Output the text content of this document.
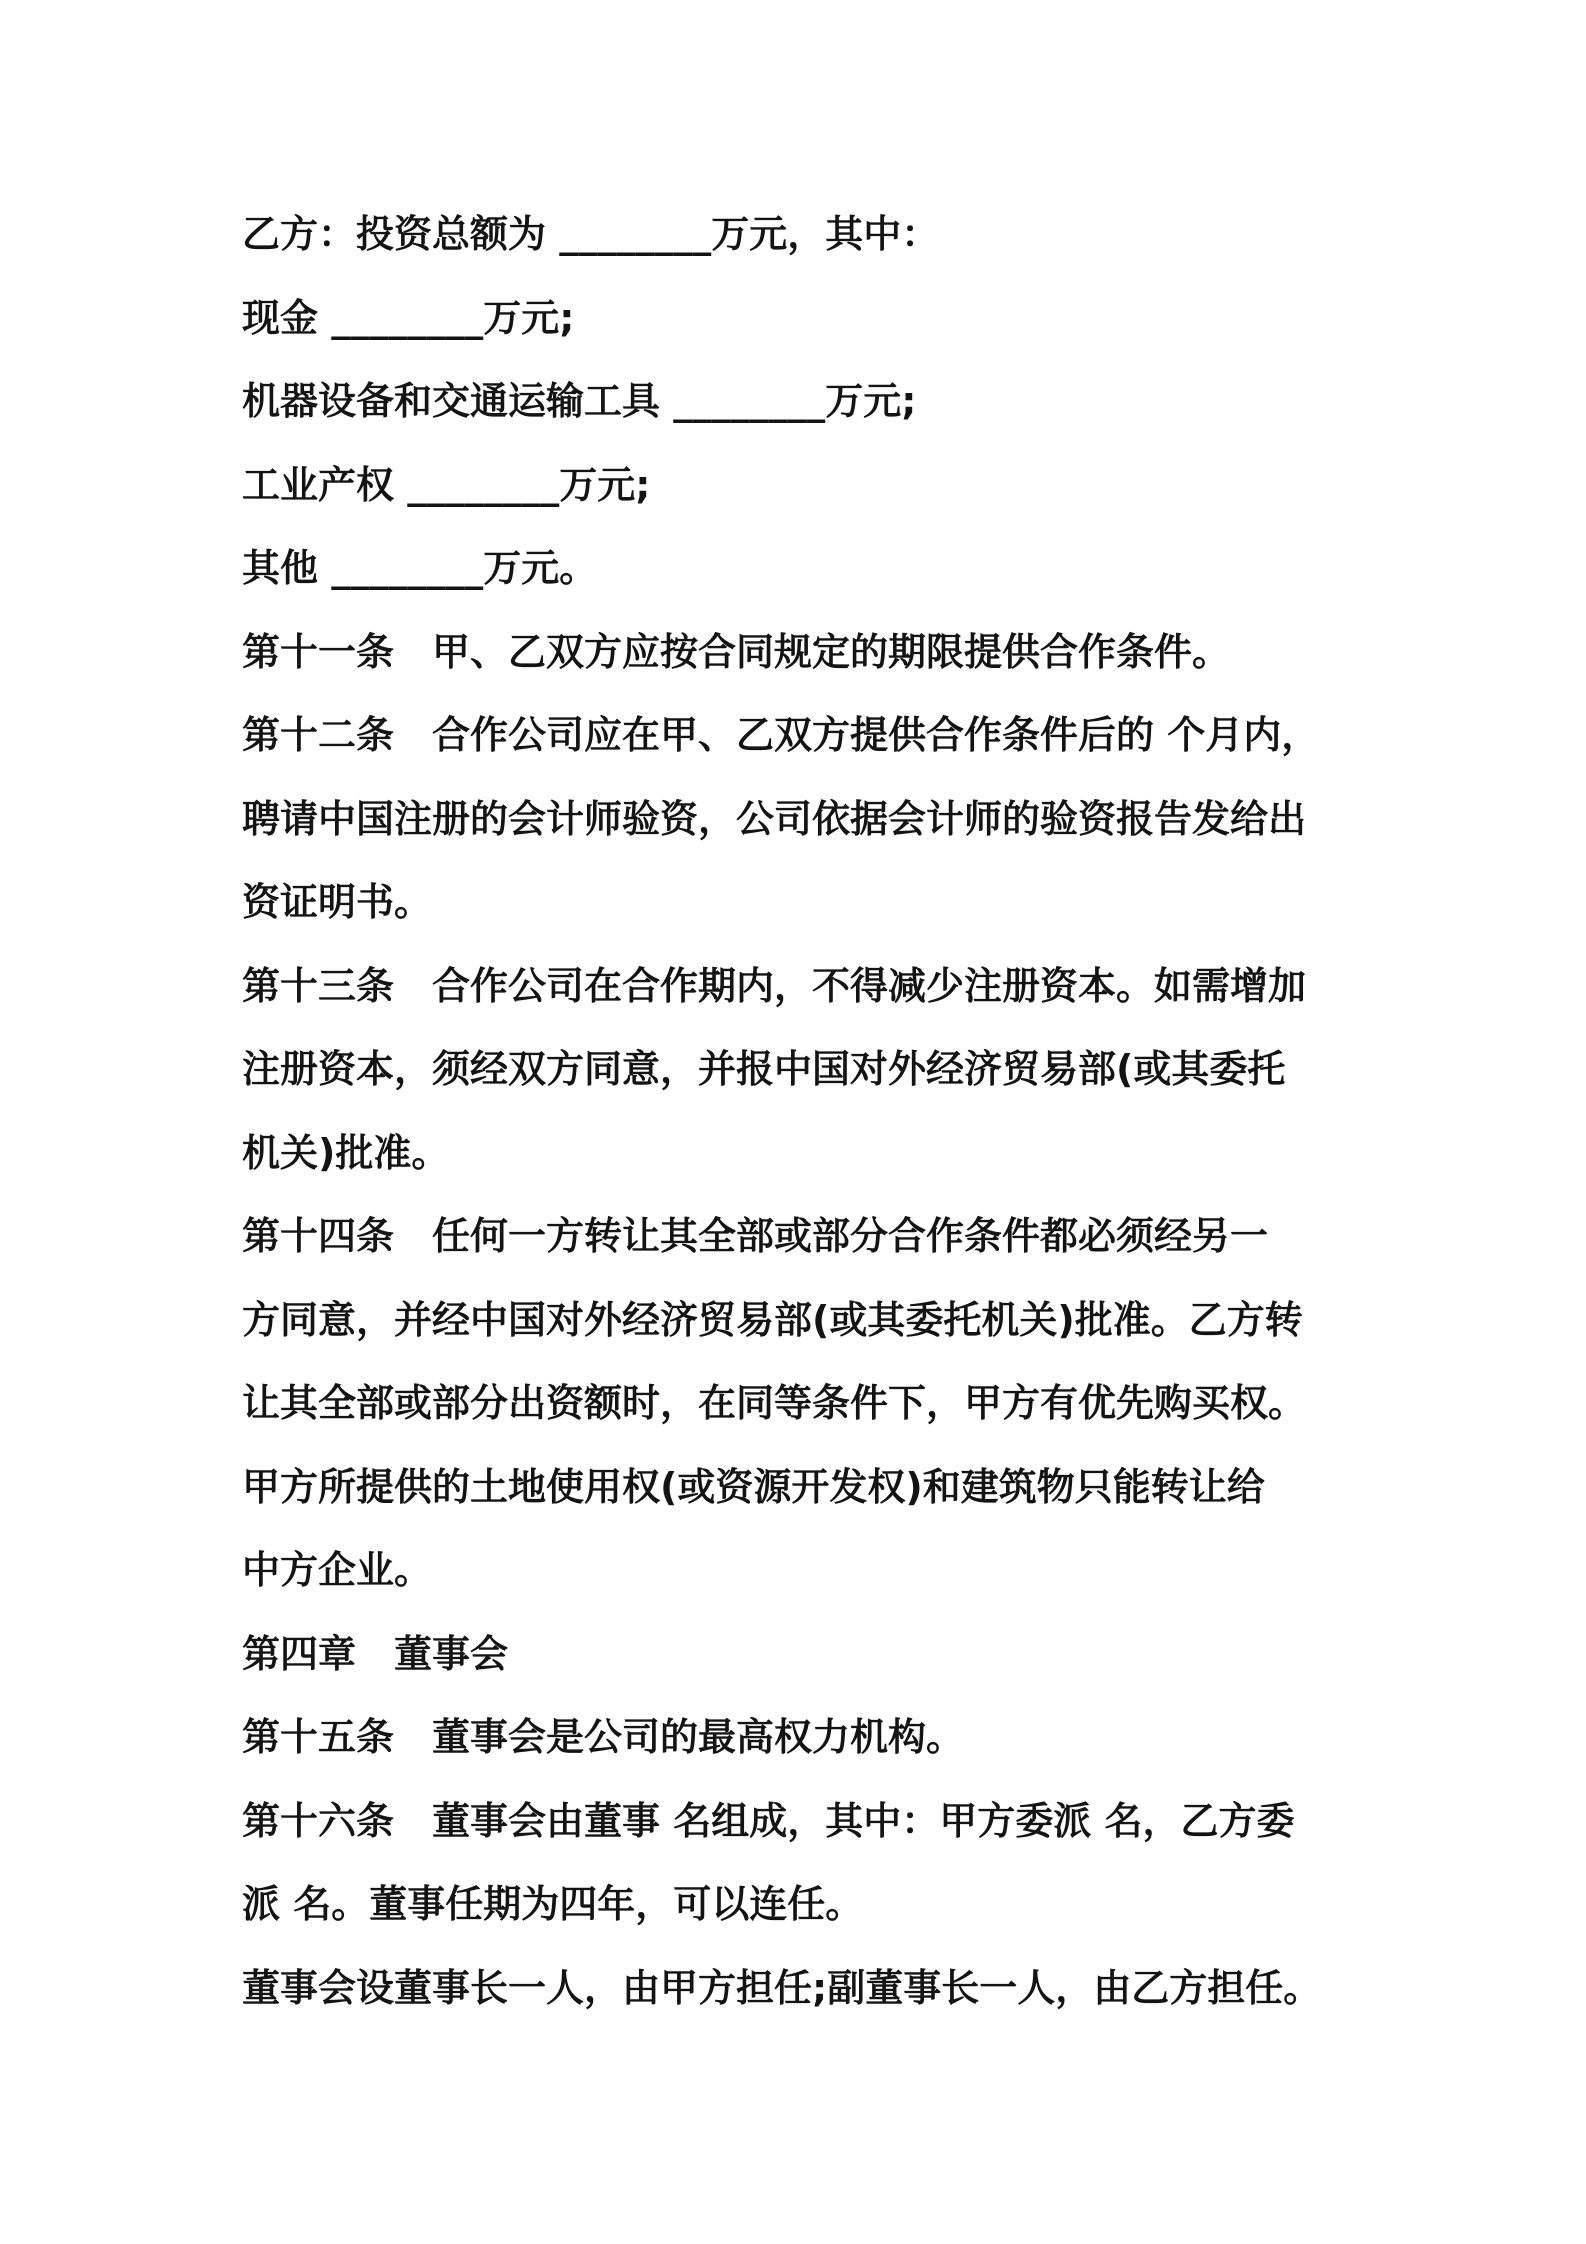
乙方：投资总额为 ________万元，其中：
现金 ________万元;
机器设备和交通运输工具 ________万元;
工业产权 ________万元;
其他 ________万元。
第十一条　甲、乙双方应按合同规定的期限提供合作条件。
第十二条　合作公司应在甲、乙双方提供合作条件后的 个月内，
聘请中国注册的会计师验资，公司依据会计师的验资报告发给出
资证明书。
第十三条　合作公司在合作期内，不得减少注册资本。如需增加
注册资本，须经双方同意，并报中国对外经济贸易部(或其委托
机关)批准。
第十四条　任何一方转让其全部或部分合作条件都必须经另一
方同意，并经中国对外经济贸易部(或其委托机关)批准。乙方转
让其全部或部分出资额时，在同等条件下，甲方有优先购买权。
甲方所提供的土地使用权(或资源开发权)和建筑物只能转让给
中方企业。
第四章　董事会
第十五条　董事会是公司的最高权力机构。
第十六条　董事会由董事 名组成，其中：甲方委派 名，乙方委
派 名。董事任期为四年，可以连任。
董事会设董事长一人，由甲方担任;副董事长一人，由乙方担任。
